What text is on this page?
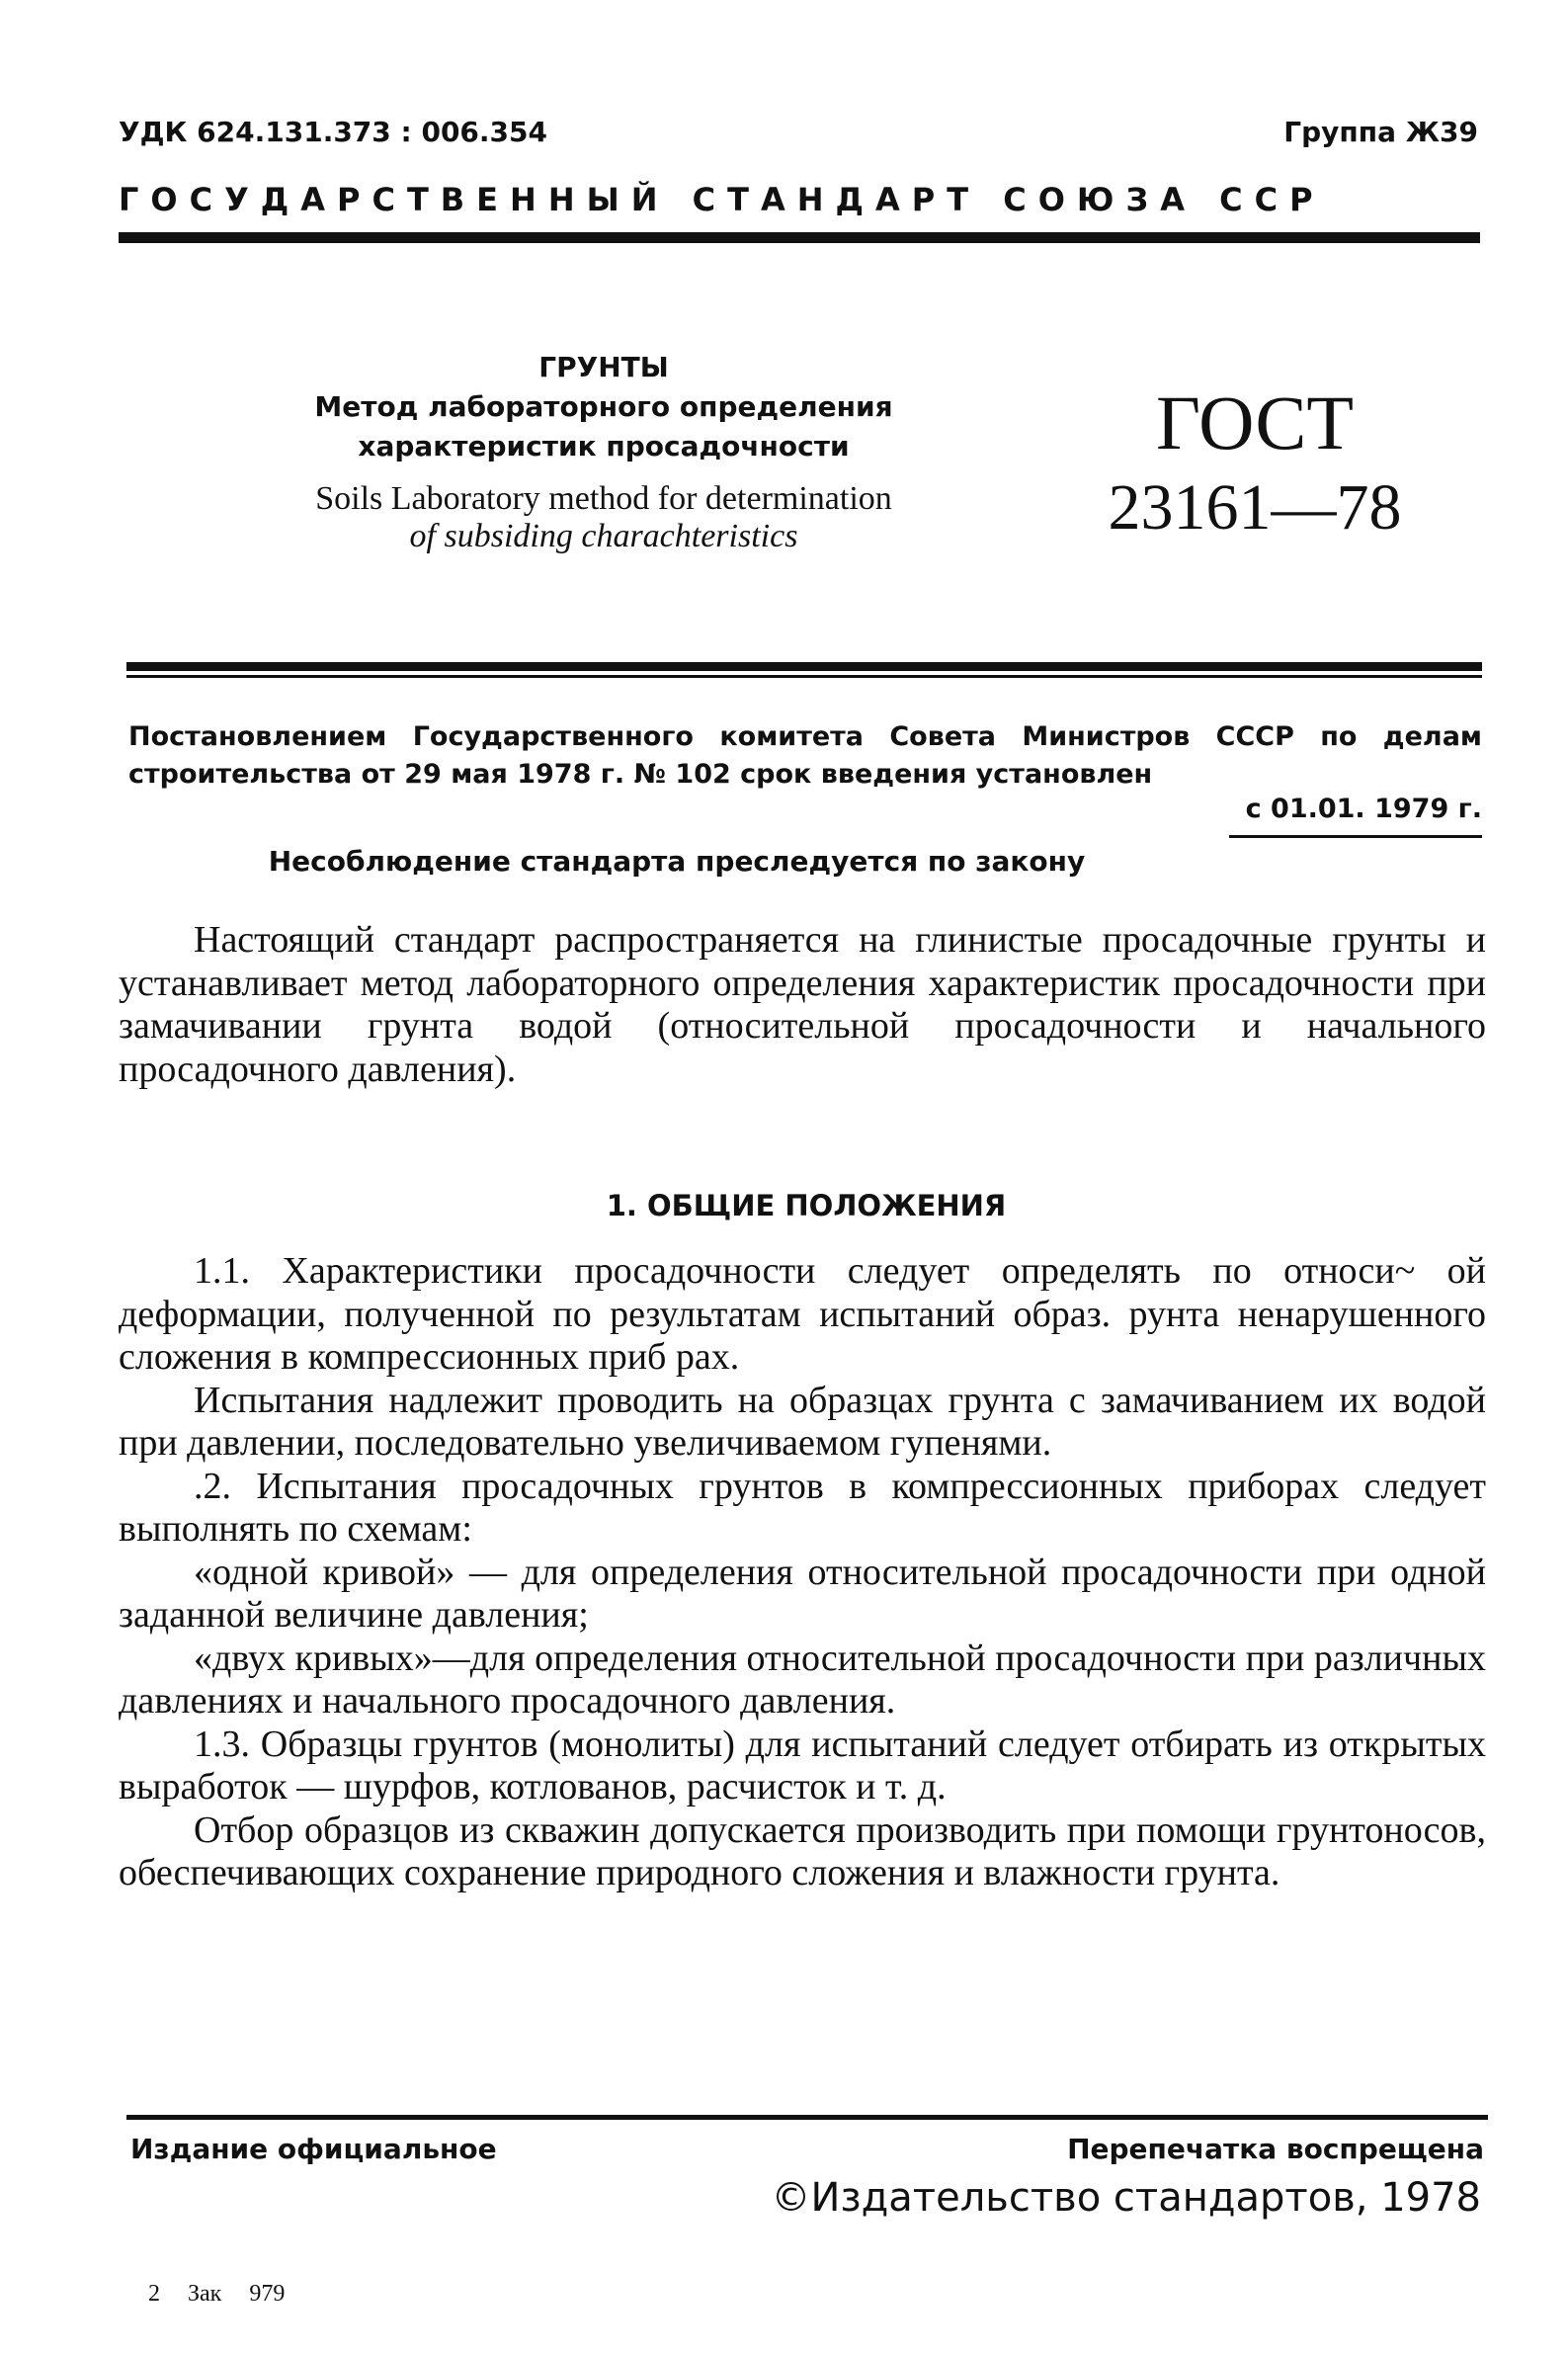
УДК 624.131.373 : 006.354	Группа Ж39
ГОСУДАРСТВЕННЫЙ СТАНДАРТ СОЮЗА ССР
ГРУНТЫ
Метод лабораторного определения
характеристик просадочности
Soils Laboratory method for determination
of subsiding charachteristics
ГОСТ
23161—78
Постановлением Государственного комитета Совета Министров СССР по делам строительства от 29 мая 1978 г. № 102 срок введения установлен
с 01.01. 1979 г.
Несоблюдение стандарта преследуется по закону

Настоящий стандарт распространяется на глинистые просадочные грунты и устанавливает метод лабораторного определения характеристик просадочности при замачивании грунта водой (относительной просадочности и начального просадочного давления).

1. ОБЩИЕ ПОЛОЖЕНИЯ

1.1. Характеристики просадочности следует определять по относи~ ой деформации, полученной по результатам испытаний образ. рунта ненарушенного сложения в компрессионных приб рах.

Испытания надлежит проводить на образцах грунта с замачиванием их водой при давлении, последовательно увеличиваемом гупенями.

.2. Испытания просадочных грунтов в компрессионных приборах следует выполнять по схемам:

«одной кривой» — для определения относительной просадочности при одной заданной величине давления;

«двух кривых»—для определения относительной просадочности при различных давлениях и начального просадочного давления.

1.3. Образцы грунтов (монолиты) для испытаний следует отбирать из открытых выработок — шурфов, котлованов, расчисток и т. д.

Отбор образцов из скважин допускается производить при помощи грунтоносов, обеспечивающих сохранение природного сложения и влажности грунта.

Издание официальное	Перепечатка воспрещена
©Издательство стандартов, 1978
2 Зак 979
